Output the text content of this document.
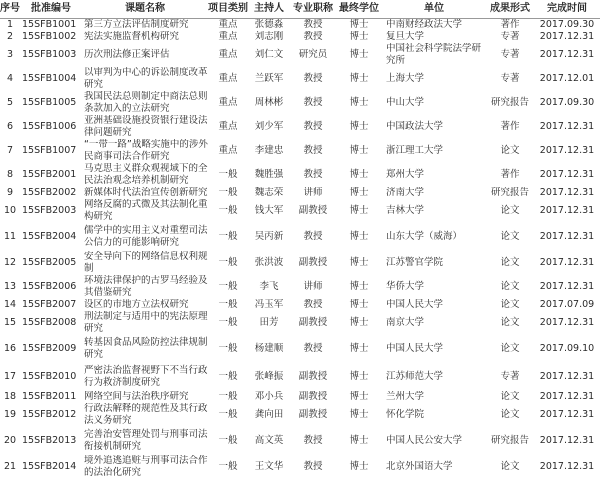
序号	批准编号	课题名称	项目类别	主持人	专业职称	最终学位	单位	成果形式	完成时间
1	15SFB1001	第三方立法评估制度研究	重点	张德淼	教授	博士	中南财经政法大学	著作	2017.09.30
2	15SFB1002	宪法实施监督机构研究	重点	刘志刚	教授	博士	复旦大学	专著	2017.12.31
3	15SFB1003	历次刑法修正案评估	重点	刘仁文	研究员	博士	中国社会科学院法学研究所	专著	2017.12.31
4	15SFB1004	以审判为中心的诉讼制度改革研究	重点	兰跃军	教授	博士	上海大学	专著	2017.12.01
5	15SFB1005	我国民法总则制定中商法总则条款加入的立法研究	重点	周林彬	教授	博士	中山大学	研究报告	2017.09.30
6	15SFB1006	亚洲基础设施投资银行建设法律问题研究	重点	刘少军	教授	博士	中国政法大学	著作	2017.12.31
7	15SFB1007	“一带一路”战略实施中的涉外民商事司法合作研究	重点	李建忠	教授	博士	浙江理工大学	论文	2017.12.31
8	15SFB2001	马克思主义群众观视域下的全民法治观念培养机制研究	一般	魏胜强	教授	博士	郑州大学	著作	2017.12.31
9	15SFB2002	新媒体时代法治宣传创新研究	一般	魏志荣	讲师	博士	济南大学	研究报告	2017.12.31
10	15SFB2003	网络反腐的式微及其法制化重构研究	一般	钱大军	副教授	博士	吉林大学	论文	2017.12.31
11	15SFB2004	儒学中的实用主义对重塑司法公信力的可能影响研究	一般	吴丙新	教授	博士	山东大学（威海）	论文	2017.12.31
12	15SFB2005	安全导向下的网络信息权利规制	一般	张洪波	副教授	博士	江苏警官学院	论文	2017.12.31
13	15SFB2006	环境法律保护的古罗马经验及其借鉴研究	一般	李飞	讲师	博士	华侨大学	论文	2017.12.31
14	15SFB2007	设区的市地方立法权研究	一般	冯玉军	教授	博士	中国人民大学	论文	2017.07.09
15	15SFB2008	刑法制定与适用中的宪法原理研究	一般	田芳	副教授	博士	南京大学	论文	2017.12.31
16	15SFB2009	转基因食品风险防控法律规制研究	一般	杨建顺	教授	博士	中国人民大学	论文	2017.09.10
17	15SFB2010	严密法治监督视野下不当行政行为救济制度研究	一般	张峰振	副教授	博士	江苏师范大学	专著	2017.12.31
18	15SFB2011	网络空间与法治秩序研究	一般	邓小兵	副教授	博士	兰州大学	论文	2017.12.31
19	15SFB2012	行政法解释的规范性及其行政法义务研究	一般	龚向田	副教授	博士	怀化学院	论文	2017.12.31
20	15SFB2013	完善治安管理处罚与刑事司法衔接机制研究	一般	高文英	教授	博士	中国人民公安大学	研究报告	2017.12.31
21	15SFB2014	境外追逃追赃与刑事司法合作的法治化研究	一般	王文华	教授	博士	北京外国语大学	论文	2017.12.31
